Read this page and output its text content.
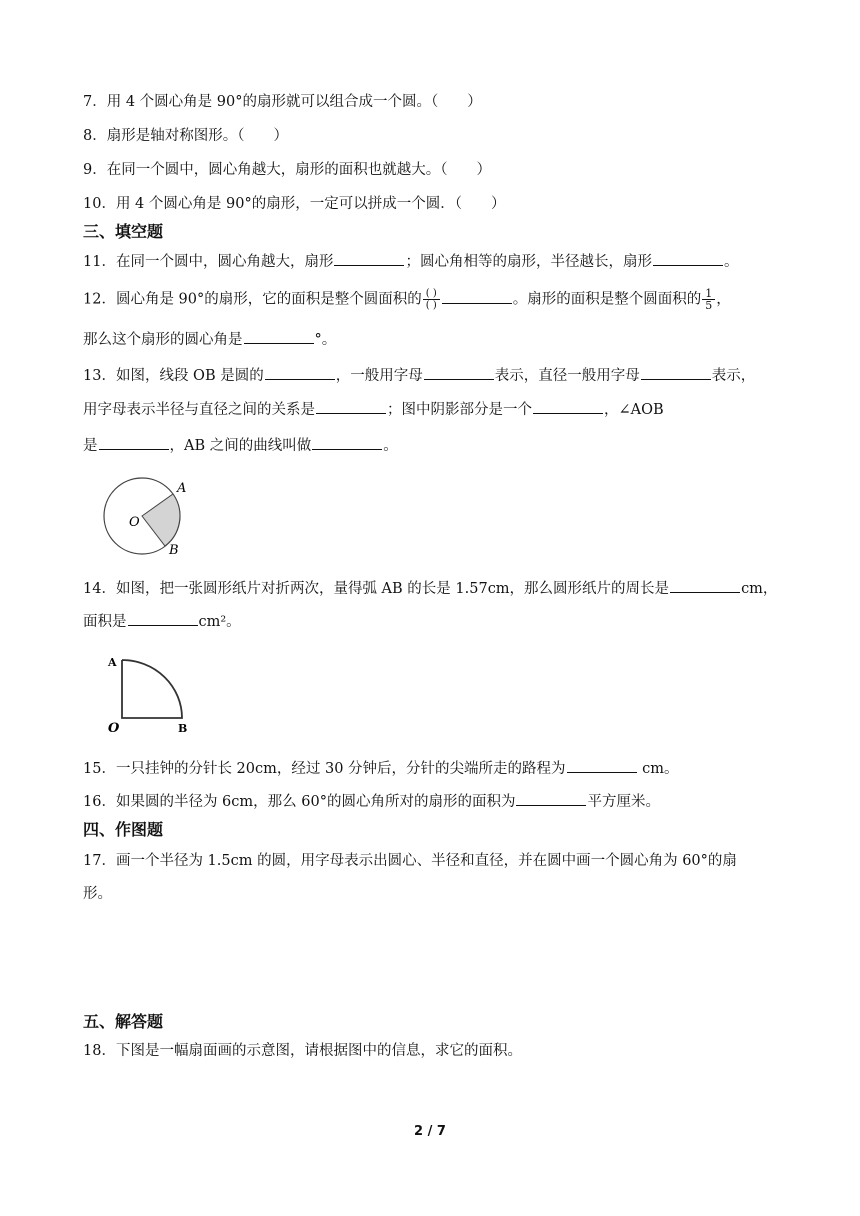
7．用 4 个圆心角是 90°的扇形就可以组合成一个圆。（　　）
8．扇形是轴对称图形。（　　）
9．在同一个圆中，圆心角越大，扇形的面积也就越大。（　　）
10．用 4 个圆心角是 90°的扇形，一定可以拼成一个圆．（　　）
三、填空题
11．在同一个圆中，圆心角越大，扇形	；圆心角相等的扇形，半径越长，扇形	。
12．圆心角是 90°的扇形，它的面积是整个圆面积的 $\frac{( )}{( )}$	。扇形的面积是整个圆面积的 $\frac{1}{5}$ ，
那么这个扇形的圆心角是	°。
13．如图，线段 OB 是圆的	，一般用字母	表示，直径一般用字母	表示，
用字母表示半径与直径之间的关系是	；图中阴影部分是一个	，∠AOB
是	，AB 之间的曲线叫做	。
A
O
B
14．如图，把一张圆形纸片对折两次，量得弧 AB 的长是 1.57cm，那么圆形纸片的周长是	cm，
面积是	cm²。
A
O	B
15．一只挂钟的分针长 20cm，经过 30 分钟后，分针的尖端所走的路程为	cm。
16．如果圆的半径为 6cm，那么 60°的圆心角所对的扇形的面积为	平方厘米。
四、作图题
17．画一个半径为 1.5cm 的圆，用字母表示出圆心、半径和直径，并在圆中画一个圆心角为 60°的扇
形。
五、解答题
18．下图是一幅扇面画的示意图，请根据图中的信息，求它的面积。
2 / 7
